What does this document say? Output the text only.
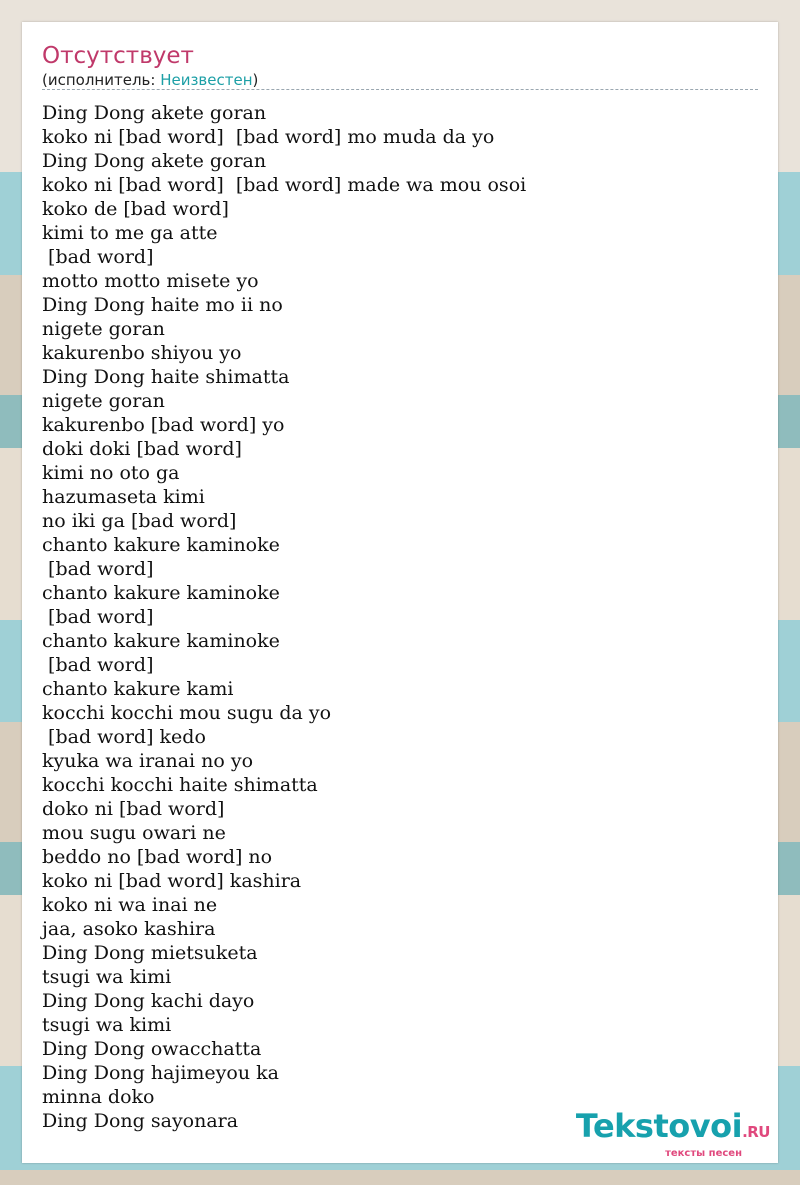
Отсутствует
(исполнитель: Неизвестен)
Ding Dong akete goran
koko ni [bad word]  [bad word] mo muda da yo
Ding Dong akete goran
koko ni [bad word]  [bad word] made wa mou osoi
koko de [bad word]
kimi to me ga atte
[bad word]
motto motto misete yo
Ding Dong haite mo ii no
nigete goran
kakurenbo shiyou yo
Ding Dong haite shimatta
nigete goran
kakurenbo [bad word] yo
doki doki [bad word]
kimi no oto ga
hazumaseta kimi
no iki ga [bad word]
chanto kakure kaminoke
[bad word]
chanto kakure kaminoke
[bad word]
chanto kakure kaminoke
[bad word]
chanto kakure kami
kocchi kocchi mou sugu da yo
[bad word] kedo
kyuka wa iranai no yo
kocchi kocchi haite shimatta
doko ni [bad word]
mou sugu owari ne
beddo no [bad word] no
koko ni [bad word] kashira
koko ni wa inai ne
jaa, asoko kashira
Ding Dong mietsuketa
tsugi wa kimi
Ding Dong kachi dayo
tsugi wa kimi
Ding Dong owacchatta
Ding Dong hajimeyou ka
minna doko
Ding Dong sayonara	Tekstovoi.RU
тексты песен
